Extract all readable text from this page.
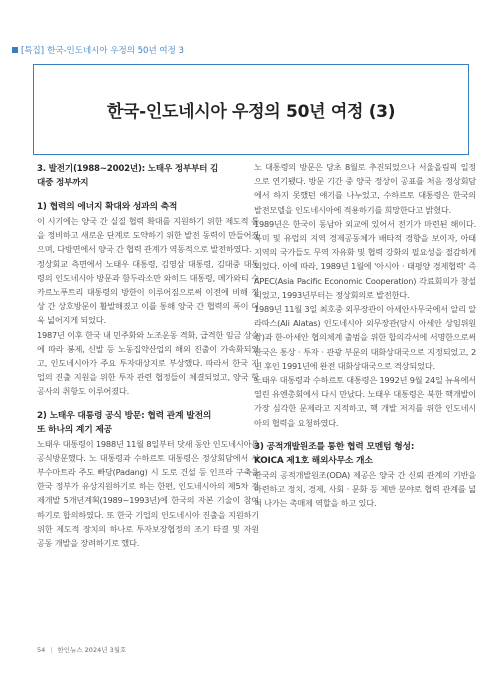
[특집] 한국-인도네시아 우정의 50년 여정 3
한국-인도네시아 우정의 50년 여정 (3)

3. 발전기(1988~2002년): 노태우 정부부터 김

대중 정부까지

1) 협력의 에너지 확대와 성과의 축적

이 시기에는 양국 간 실질 협력 확대를 지원하기 위한 제도적 틀을 정비하고 새로운 단계로 도약하기 위한 발전 동력이 만들어졌으며, 다방면에서 양국 간 협력 관계가 역동적으로 발전하였다.

정상회교 측면에서 노태우 대통령, 김영삼 대통령, 김대중 대통령의 인도네시아 방문과 함두라소만 와히드 대통령, 메가와티 수카르노푸트리 대통령의 방한이 이루어짐으로써 이전에 비해 정상 간 상호방문이 활발해졌고 이를 통해 양국 간 협력의 폭이 더욱 넓어지게 되었다.

1987년 이후 한국 내 민주화와 노조운동 격화, 급격한 임금 상승에 따라 봉제, 신발 등 노동집약산업의 해외 진출이 가속화되었고, 인도네시아가 주요 투자대상지로 부상했다. 따라서 한국 기업의 진출 지원을 위한 투자 관련 협정들이 체결되었고, 양국 항공사의 취항도 이루어졌다.

2) 노태우 대통령 공식 방문: 협력 관계 발전의

또 하나의 계기 제공

노태우 대통령이 1988년 11월 8일부터 닷새 동안 인도네시아를 공식방문했다. 노 대통령과 수하르토 대통령은 정상회담에서 서부수마트라 주도 빠당(Padang) 시 도로 건설 등 인프라 구축을 한국 정부가 유상지원하기로 하는 한편, 인도네시아의 제5차 경제개발 5개년계획(1989~1993년)에 한국의 자본 기술이 참여하기로 합의하였다. 또 한국 기업의 인도네시아 진출을 지원하기 위한 제도적 장치의 하나로 투자보장협정의 조기 타결 및 자원 공동 개발을 장려하기로 했다.

노 대통령의 방문은 당초 8월로 추진되었으나 서울올림픽 일정으로 연기됐다. 방문 기간 중 양국 정상이 공표를 처음 정상회담에서 하지 못했던 얘기를 나누었고, 수하르토 대통령은 한국의 발전모델을 인도네시아에 적용하기를 희망한다고 밝혔다.

1989년은 한국이 동남아 외교에 있어서 전기가 마련된 해이다. 북미 및 유럽의 지역 경제공동체가 배타적 경향을 보이자, 아태지역의 국가들도 무역 자유화 및 협력 강화의 필요성을 절감하게 되었다. 이에 따라, 1989년 1월에 '아시아 · 태평양 경제협력' 즉 APEC(Asia Pacific Economic Cooperation) 각료회의가 창설되었고, 1993년부터는 정상회의로 발전한다.

1989년 11월 3일 최호중 외무장관이 아세안사무국에서 알리 알라따스(Ali Alatas) 인도네시아 외무장관(당시 아세안 상임위원장)과 한-아세안 협의체계 출범을 위한 합의각서에 서명한으로써 한국은 통상 · 투자 · 관광 부문의 대화상대국으로 지정되었고, 2년 후인 1991년에 완전 대화상대국으로 격상되었다.

노태우 대통령과 수하르토 대통령은 1992년 9월 24일 뉴욕에서 열린 유엔총회에서 다시 만났다. 노태우 대통령은 북한 핵개발이 가장 심각한 문제라고 지적하고, 핵 개발 저지를 위한 인도네시아의 협력을 요청하였다.

3) 공적개발원조를 통한 협력 모멘텀 형성:

KOICA 제1호 해외사무소 개소

한국의 공적개발원조(ODA) 제공은 양국 간 신뢰 관계의 기반을 마련하고 정치, 경제, 사회 · 문화 등 제반 분야로 협력 관계를 넓혀 나가는 촉매제 역할을 하고 있다.

54 | 한인뉴스 2024년 3월호
